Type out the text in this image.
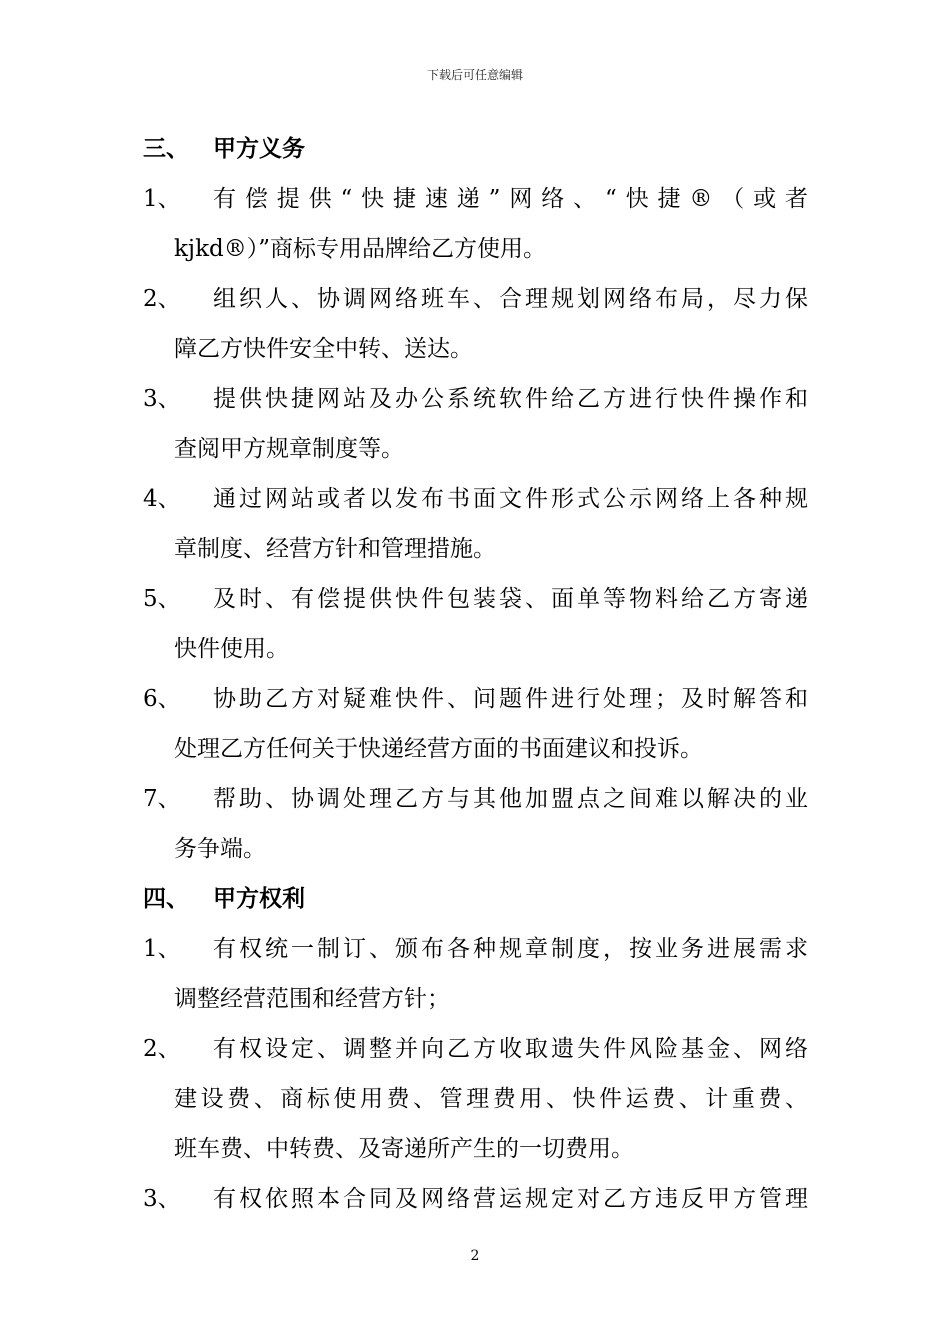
下载后可任意编辑
三、	甲方义务
1、	有偿提供“快捷速递”网络、“快捷®（或者
kjkd®）”商标专用品牌给乙方使用。
2、	组织人、协调网络班车、合理规划网络布局，尽力保
障乙方快件安全中转、送达。
3、	提供快捷网站及办公系统软件给乙方进行快件操作和
查阅甲方规章制度等。
4、	通过网站或者以发布书面文件形式公示网络上各种规
章制度、经营方针和管理措施。
5、	及时、有偿提供快件包装袋、面单等物料给乙方寄递
快件使用。
6、	协助乙方对疑难快件、问题件进行处理；及时解答和
处理乙方任何关于快递经营方面的书面建议和投诉。
7、	帮助、协调处理乙方与其他加盟点之间难以解决的业
务争端。
四、	甲方权利
1、	有权统一制订、颁布各种规章制度，按业务进展需求
调整经营范围和经营方针；
2、	有权设定、调整并向乙方收取遗失件风险基金、网络
建设费、商标使用费、管理费用、快件运费、计重费、
班车费、中转费、及寄递所产生的一切费用。
3、	有权依照本合同及网络营运规定对乙方违反甲方管理
2
